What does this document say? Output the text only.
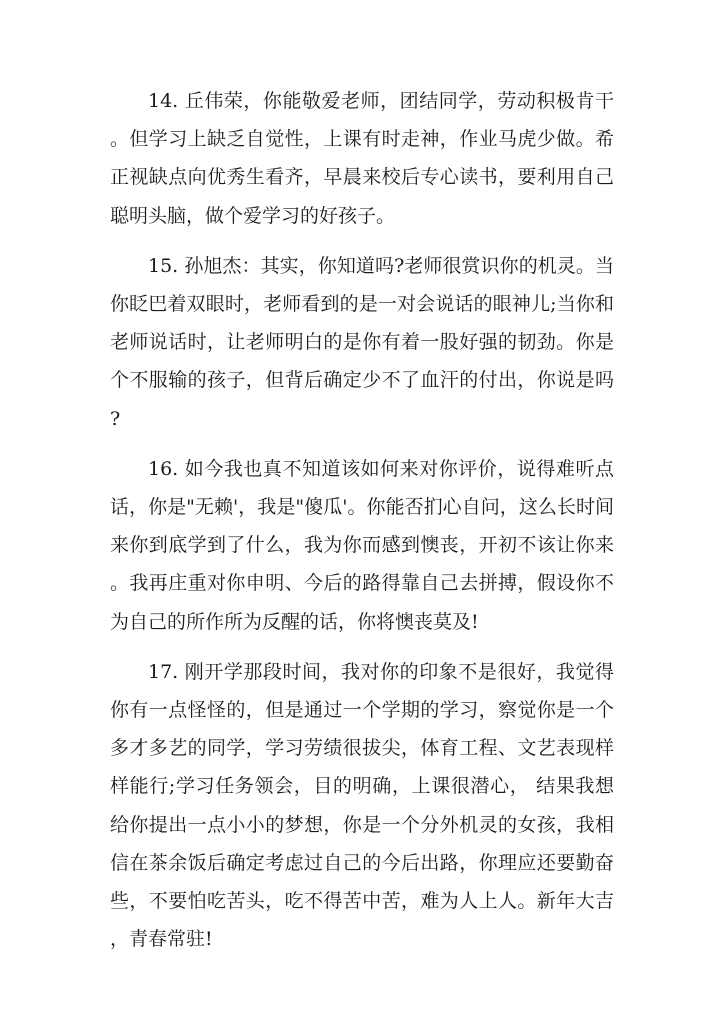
14. 丘伟荣，你能敬爱老师，团结同学，劳动积极肯干。但学习上缺乏自觉性，上课有时走神，作业马虎少做。希正视缺点向优秀生看齐，早晨来校后专心读书，要利用自己聪明头脑，做个爱学习的好孩子。

15. 孙旭杰：其实，你知道吗?老师很赏识你的机灵。当你眨巴着双眼时，老师看到的是一对会说话的眼神儿;当你和老师说话时，让老师明白的是你有着一股好强的韧劲。你是个不服输的孩子，但背后确定少不了血汗的付出，你说是吗?

16. 如今我也真不知道该如何来对你评价，说得难听点话，你是"无赖'，我是"傻瓜'。你能否扪心自问，这么长时间来你到底学到了什么，我为你而感到懊丧，开初不该让你来。我再庄重对你申明、今后的路得靠自己去拼搏，假设你不为自己的所作所为反醒的话，你将懊丧莫及!

17. 刚开学那段时间，我对你的印象不是很好，我觉得你有一点怪怪的，但是通过一个学期的学习，察觉你是一个多才多艺的同学，学习劳绩很拔尖，体育工程、文艺表现样样能行;学习任务领会，目的明确，上课很潜心， 结果我想给你提出一点小小的梦想，你是一个分外机灵的女孩，我相信在茶余饭后确定考虑过自己的今后出路，你理应还要勤奋些，不要怕吃苦头，吃不得苦中苦，难为人上人。新年大吉，青春常驻!
